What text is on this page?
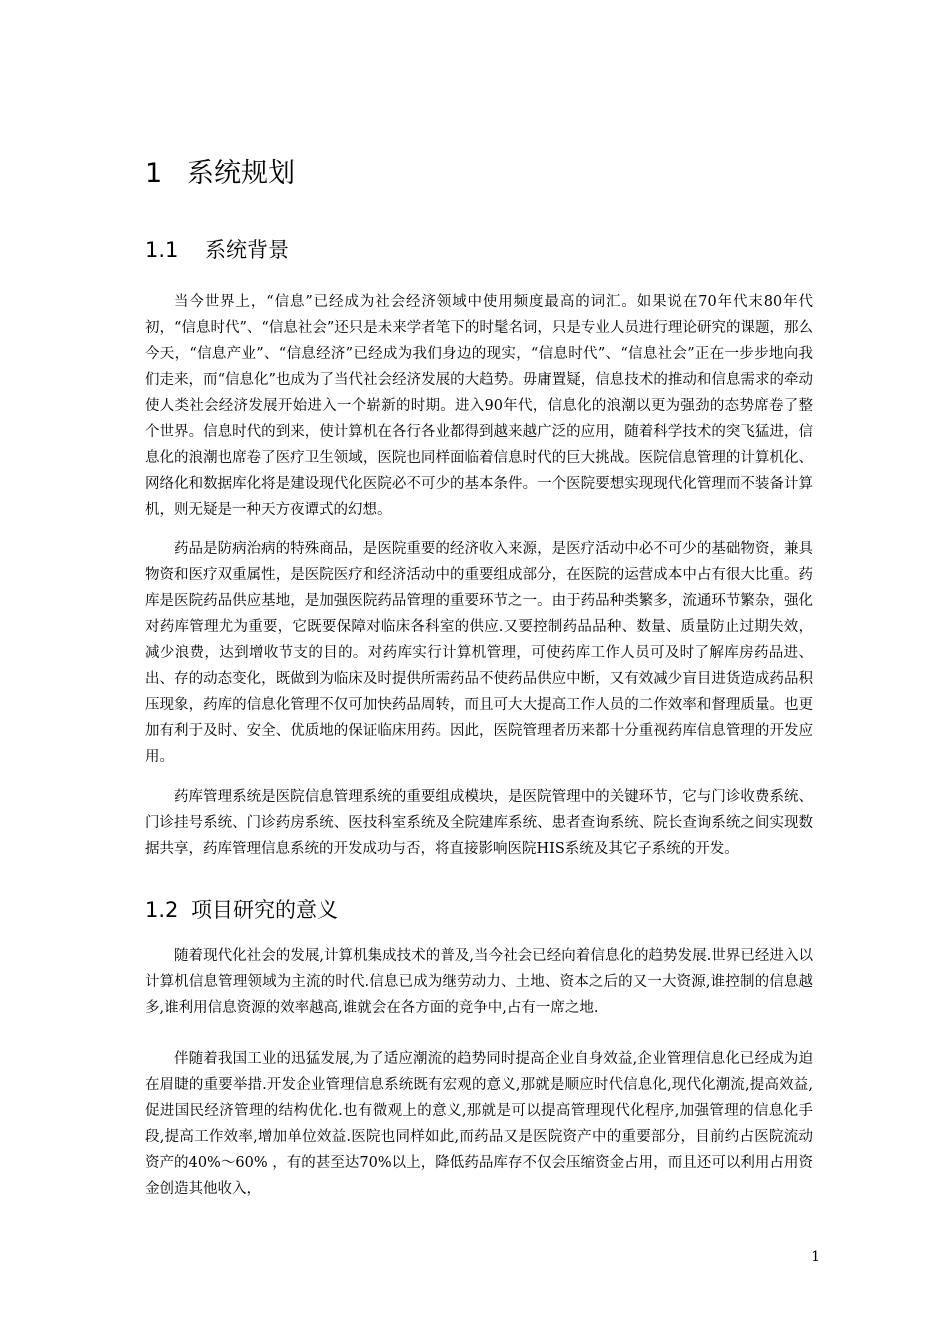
1 系统规划
1.1 系统背景

当今世界上，“信息”已经成为社会经济领域中使用频度最高的词汇。如果说在70年代末80年代初，“信息时代”、“信息社会”还只是未来学者笔下的时髦名词，只是专业人员进行理论研究的课题，那么今天，“信息产业”、“信息经济”已经成为我们身边的现实，“信息时代”、“信息社会”正在一步步地向我们走来，而“信息化”也成为了当代社会经济发展的大趋势。毋庸置疑，信息技术的推动和信息需求的牵动使人类社会经济发展开始进入一个崭新的时期。进入90年代，信息化的浪潮以更为强劲的态势席卷了整个世界。信息时代的到来，使计算机在各行各业都得到越来越广泛的应用，随着科学技术的突飞猛进，信息化的浪潮也席卷了医疗卫生领域，医院也同样面临着信息时代的巨大挑战。医院信息管理的计算机化、网络化和数据库化将是建设现代化医院必不可少的基本条件。一个医院要想实现现代化管理而不装备计算机，则无疑是一种天方夜谭式的幻想。

药品是防病治病的特殊商品，是医院重要的经济收入来源，是医疗活动中必不可少的基础物资，兼具物资和医疗双重属性，是医院医疗和经济活动中的重要组成部分，在医院的运营成本中占有很大比重。药库是医院药品供应基地，是加强医院药品管理的重要环节之一。由于药品种类繁多，流通环节繁杂，强化对药库管理尤为重要，它既要保障对临床各科室的供应.又要控制药品品种、数量、质量防止过期失效，减少浪费，达到增收节支的目的。对药库实行计算机管理，可使药库工作人员可及时了解库房药品进、出、存的动态变化，既做到为临床及时提供所需药品不使药品供应中断，又有效减少盲目进货造成药品积压现象，药库的信息化管理不仅可加快药品周转，而且可大大提高工作人员的二作效率和督理质量。也更加有利于及时、安全、优质地的保证临床用药。因此，医院管理者历来都十分重视药库信息管理的开发应用。

药库管理系统是医院信息管理系统的重要组成模块，是医院管理中的关键环节，它与门诊收费系统、门诊挂号系统、门诊药房系统、医技科室系统及全院建库系统、患者查询系统、院长查询系统之间实现数据共享，药库管理信息系统的开发成功与否，将直接影响医院HIS系统及其它子系统的开发。

1.2 项目研究的意义

随着现代化社会的发展,计算机集成技术的普及,当今社会已经向着信息化的趋势发展.世界已经进入以计算机信息管理领域为主流的时代.信息已成为继劳动力、土地、资本之后的又一大资源,谁控制的信息越多,谁利用信息资源的效率越高,谁就会在各方面的竞争中,占有一席之地.

伴随着我国工业的迅猛发展,为了适应潮流的趋势同时提高企业自身效益,企业管理信息化已经成为迫在眉睫的重要举措.开发企业管理信息系统既有宏观的意义,那就是顺应时代信息化,现代化潮流,提高效益,促进国民经济管理的结构优化.也有微观上的意义,那就是可以提高管理现代化程序,加强管理的信息化手段,提高工作效率,增加单位效益.医院也同样如此,而药品又是医院资产中的重要部分，目前约占医院流动资产的40%～60% ，有的甚至达70%以上，降低药品库存不仅会压缩资金占用，而且还可以利用占用资金创造其他收入，

1
